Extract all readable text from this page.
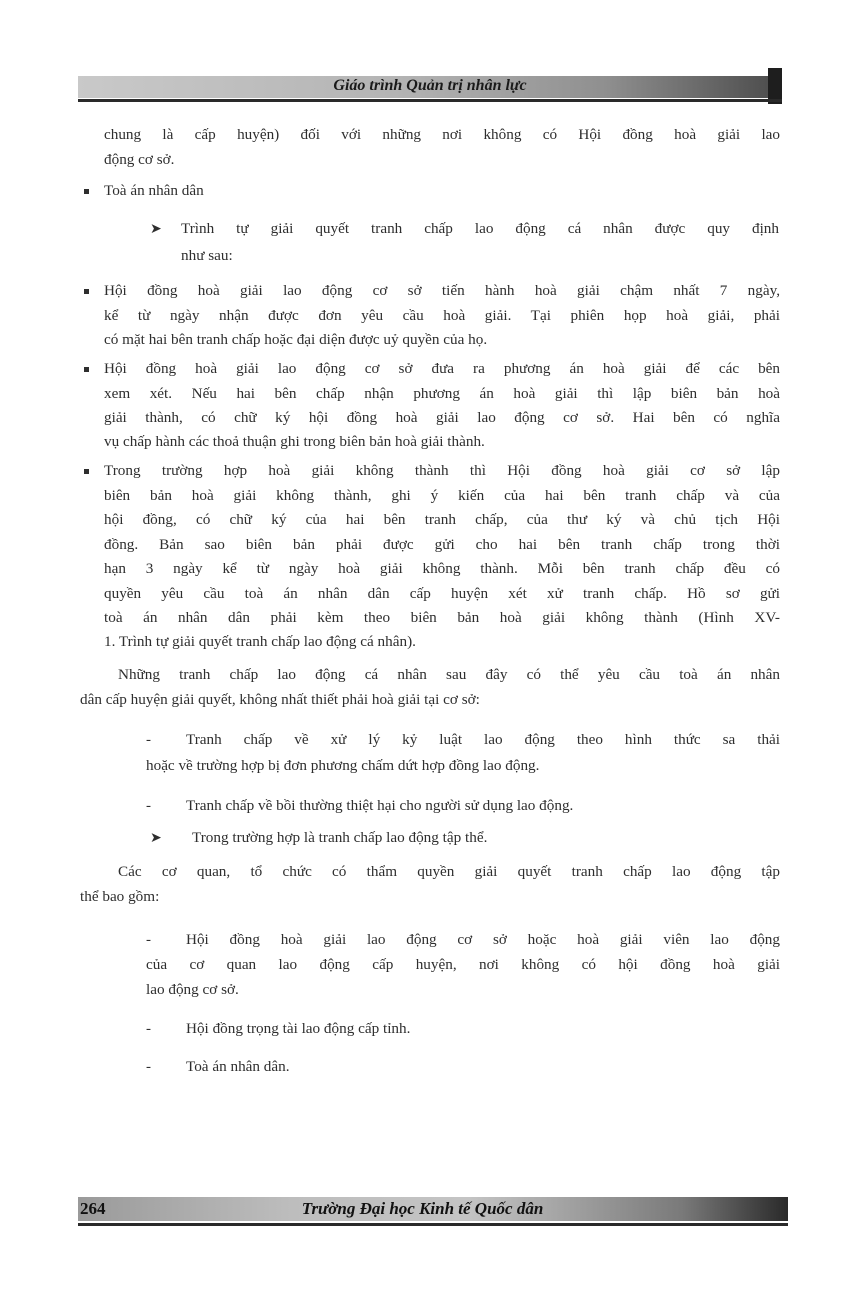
Giáo trình Quản trị nhân lực
chung là cấp huyện) đối với những nơi không có Hội đồng hoà giải lao
động cơ sở.
Toà án nhân dân
➤ Trình tự giải quyết tranh chấp lao động cá nhân được quy định
như sau:
Hội đồng hoà giải lao động cơ sở tiến hành hoà giải chậm nhất 7 ngày,
kể từ ngày nhận được đơn yêu cầu hoà giải. Tại phiên họp hoà giải, phải
có mặt hai bên tranh chấp hoặc đại diện được uỷ quyền của họ.
Hội đồng hoà giải lao động cơ sở đưa ra phương án hoà giải để các bên
xem xét. Nếu hai bên chấp nhận phương án hoà giải thì lập biên bản hoà
giải thành, có chữ ký hội đồng hoà giải lao động cơ sở. Hai bên có nghĩa
vụ chấp hành các thoả thuận ghi trong biên bản hoà giải thành.
Trong trường hợp hoà giải không thành thì Hội đồng hoà giải cơ sở lập
biên bản hoà giải không thành, ghi ý kiến của hai bên tranh chấp và của
hội đồng, có chữ ký của hai bên tranh chấp, của thư ký và chủ tịch Hội
đồng. Bản sao biên bản phải được gửi cho hai bên tranh chấp trong thời
hạn 3 ngày kể từ ngày hoà giải không thành. Mỗi bên tranh chấp đều có
quyền yêu cầu toà án nhân dân cấp huyện xét xử tranh chấp. Hồ sơ gửi
toà án nhân dân phải kèm theo biên bản hoà giải không thành (Hình XV-
1. Trình tự giải quyết tranh chấp lao động cá nhân).
Những tranh chấp lao động cá nhân sau đây có thể yêu cầu toà án nhân
dân cấp huyện giải quyết, không nhất thiết phải hoà giải tại cơ sở:
- Tranh chấp về xử lý kỷ luật lao động theo hình thức sa thải
hoặc về trường hợp bị đơn phương chấm dứt hợp đồng lao động.
- Tranh chấp về bồi thường thiệt hại cho người sử dụng lao động.
➤ Trong trường hợp là tranh chấp lao động tập thể.
Các cơ quan, tổ chức có thẩm quyền giải quyết tranh chấp lao động tập
thể bao gồm:
- Hội đồng hoà giải lao động cơ sở hoặc hoà giải viên lao động
của cơ quan lao động cấp huyện, nơi không có hội đồng hoà giải
lao động cơ sở.
- Hội đồng trọng tài lao động cấp tỉnh.
- Toà án nhân dân.
264	Trường Đại học Kinh tế Quốc dân
